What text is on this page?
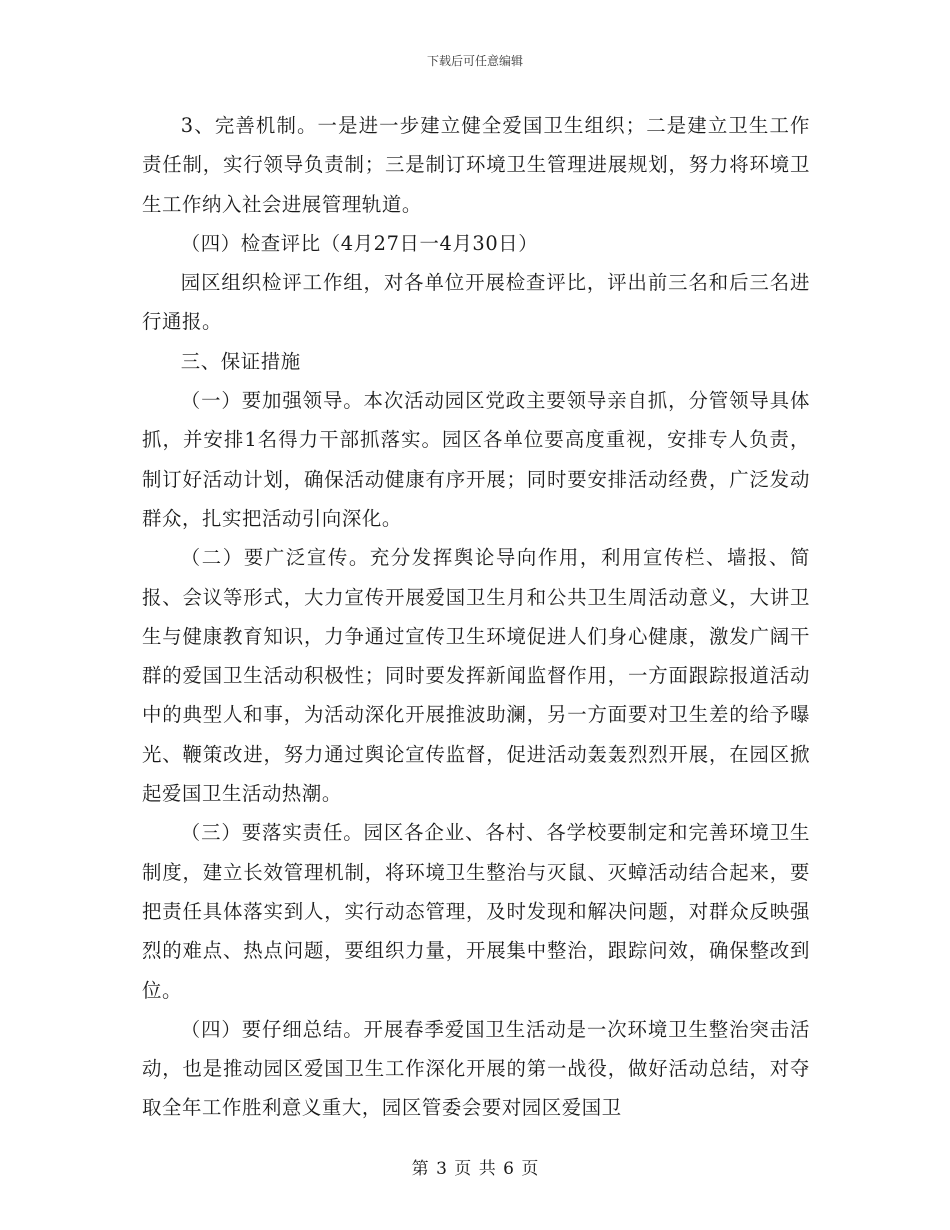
下载后可任意编辑

3、完善机制。一是进一步建立健全爱国卫生组织；二是建立卫生工作责任制，实行领导负责制；三是制订环境卫生管理进展规划，努力将环境卫生工作纳入社会进展管理轨道。

（四）检查评比（4月27日一4月30日）

园区组织检评工作组，对各单位开展检查评比，评出前三名和后三名进行通报。

三、保证措施

（一）要加强领导。本次活动园区党政主要领导亲自抓，分管领导具体抓，并安排1名得力干部抓落实。园区各单位要高度重视，安排专人负责，制订好活动计划，确保活动健康有序开展；同时要安排活动经费，广泛发动群众，扎实把活动引向深化。

（二）要广泛宣传。充分发挥舆论导向作用，利用宣传栏、墙报、简报、会议等形式，大力宣传开展爱国卫生月和公共卫生周活动意义，大讲卫生与健康教育知识，力争通过宣传卫生环境促进人们身心健康，激发广阔干群的爱国卫生活动积极性；同时要发挥新闻监督作用，一方面跟踪报道活动中的典型人和事，为活动深化开展推波助澜，另一方面要对卫生差的给予曝光、鞭策改进，努力通过舆论宣传监督，促进活动轰轰烈烈开展，在园区掀起爱国卫生活动热潮。

（三）要落实责任。园区各企业、各村、各学校要制定和完善环境卫生制度，建立长效管理机制，将环境卫生整治与灭鼠、灭蟑活动结合起来，要把责任具体落实到人，实行动态管理，及时发现和解决问题，对群众反映强烈的难点、热点问题，要组织力量，开展集中整治，跟踪问效，确保整改到位。

（四）要仔细总结。开展春季爱国卫生活动是一次环境卫生整治突击活动，也是推动园区爱国卫生工作深化开展的第一战役，做好活动总结，对夺取全年工作胜利意义重大，园区管委会要对园区爱国卫

第 3 页 共 6 页
